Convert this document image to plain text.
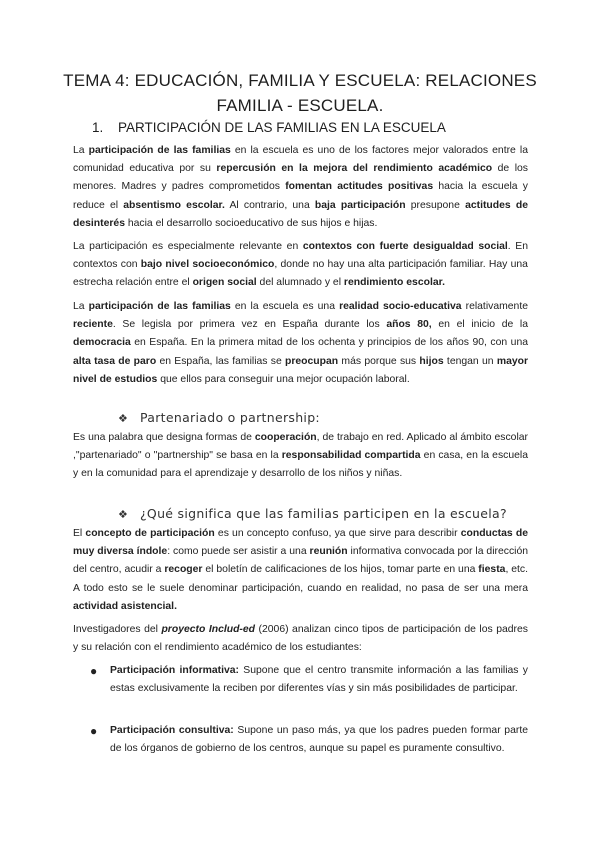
TEMA 4: EDUCACIÓN, FAMILIA Y ESCUELA: RELACIONES
FAMILIA - ESCUELA.
1. PARTICIPACIÓN DE LAS FAMILIAS EN LA ESCUELA
La participación de las familias en la escuela es uno de los factores mejor valorados entre la comunidad educativa por su repercusión en la mejora del rendimiento académico de los menores. Madres y padres comprometidos fomentan actitudes positivas hacia la escuela y reduce el absentismo escolar. Al contrario, una baja participación presupone actitudes de desinterés hacia el desarrollo socioeducativo de sus hijos e hijas.
La participación es especialmente relevante en contextos con fuerte desigualdad social. En contextos con bajo nivel socioeconómico, donde no hay una alta participación familiar. Hay una estrecha relación entre el origen social del alumnado y el rendimiento escolar.
La participación de las familias en la escuela es una realidad socio-educativa relativamente reciente. Se legisla por primera vez en España durante los años 80, en el inicio de la democracia en España. En la primera mitad de los ochenta y principios de los años 90, con una alta tasa de paro en España, las familias se preocupan más porque sus hijos tengan un mayor nivel de estudios que ellos para conseguir una mejor ocupación laboral.
❖ Partenariado o partnership:
Es una palabra que designa formas de cooperación, de trabajo en red. Aplicado al ámbito escolar ,"partenariado" o "partnership" se basa en la responsabilidad compartida en casa, en la escuela y en la comunidad para el aprendizaje y desarrollo de los niños y niñas.
❖ ¿Qué significa que las familias participen en la escuela?
El concepto de participación es un concepto confuso, ya que sirve para describir conductas de muy diversa índole: como puede ser asistir a una reunión informativa convocada por la dirección del centro, acudir a recoger el boletín de calificaciones de los hijos, tomar parte en una fiesta, etc. A todo esto se le suele denominar participación, cuando en realidad, no pasa de ser una mera actividad asistencial.
Investigadores del proyecto Includ-ed (2006) analizan cinco tipos de participación de los padres y su relación con el rendimiento académico de los estudiantes:
● Participación informativa: Supone que el centro transmite información a las familias y estas exclusivamente la reciben por diferentes vías y sin más posibilidades de participar.
● Participación consultiva: Supone un paso más, ya que los padres pueden formar parte de los órganos de gobierno de los centros, aunque su papel es puramente consultivo.
